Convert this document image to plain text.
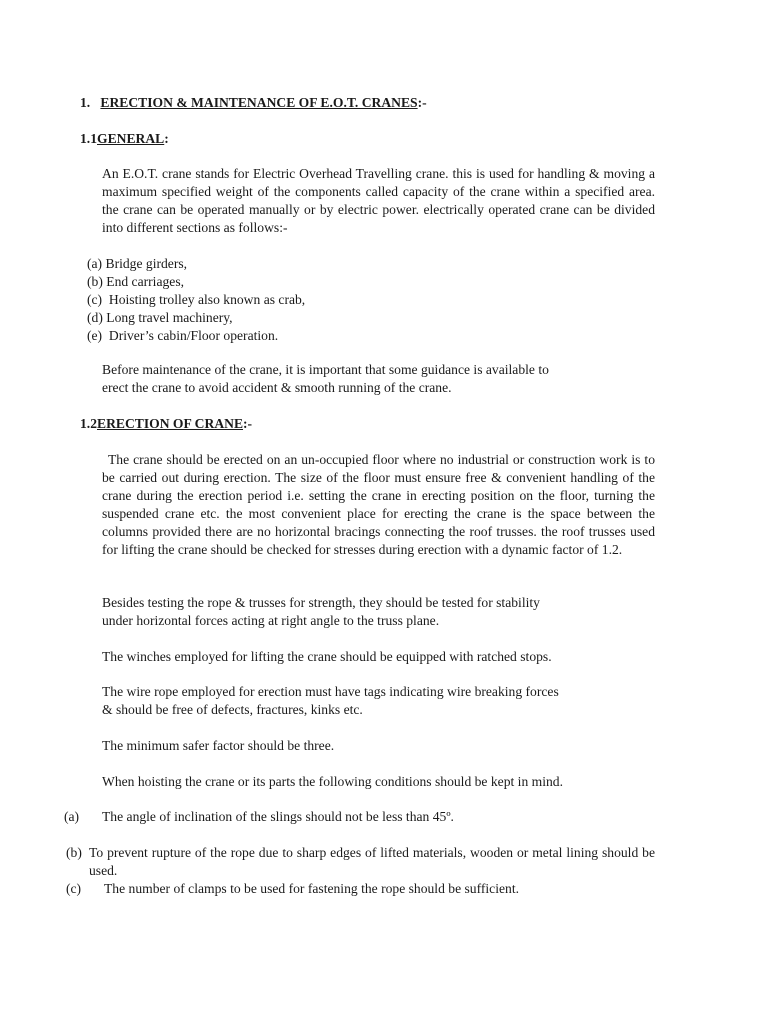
1. ERECTION & MAINTENANCE OF E.O.T. CRANES:-
1.1GENERAL:
An E.O.T. crane stands for Electric Overhead Travelling crane. this is used for handling & moving a maximum specified weight of the components called capacity of the crane within a specified area. the crane can be operated manually or by electric power. electrically operated crane can be divided into different sections as follows:-
(a) Bridge girders,
(b) End carriages,
(c) Hoisting trolley also known as crab,
(d) Long travel machinery,
(e) Driver’s cabin/Floor operation.
Before maintenance of the crane, it is important that some guidance is available to
erect the crane to avoid accident & smooth running of the crane.
1.2ERECTION OF CRANE:-
The crane should be erected on an un-occupied floor where no industrial or construction work is to be carried out during erection. The size of the floor must ensure free & convenient handling of the crane during the erection period i.e. setting the crane in erecting position on the floor, turning the suspended crane etc. the most convenient place for erecting the crane is the space between the columns provided there are no horizontal bracings connecting the roof trusses. the roof trusses used for lifting the crane should be checked for stresses during erection with a dynamic factor of 1.2.
Besides testing the rope & trusses for strength, they should be tested for stability
under horizontal forces acting at right angle to the truss plane.
The winches employed for lifting the crane should be equipped with ratched stops.
The wire rope employed for erection must have tags indicating wire breaking forces
& should be free of defects, fractures, kinks etc.
The minimum safer factor should be three.
When hoisting the crane or its parts the following conditions should be kept in mind.
(a) The angle of inclination of the slings should not be less than 45º.
(b) To prevent rupture of the rope due to sharp edges of lifted materials, wooden or metal lining should be used.
(c) The number of clamps to be used for fastening the rope should be sufficient.
